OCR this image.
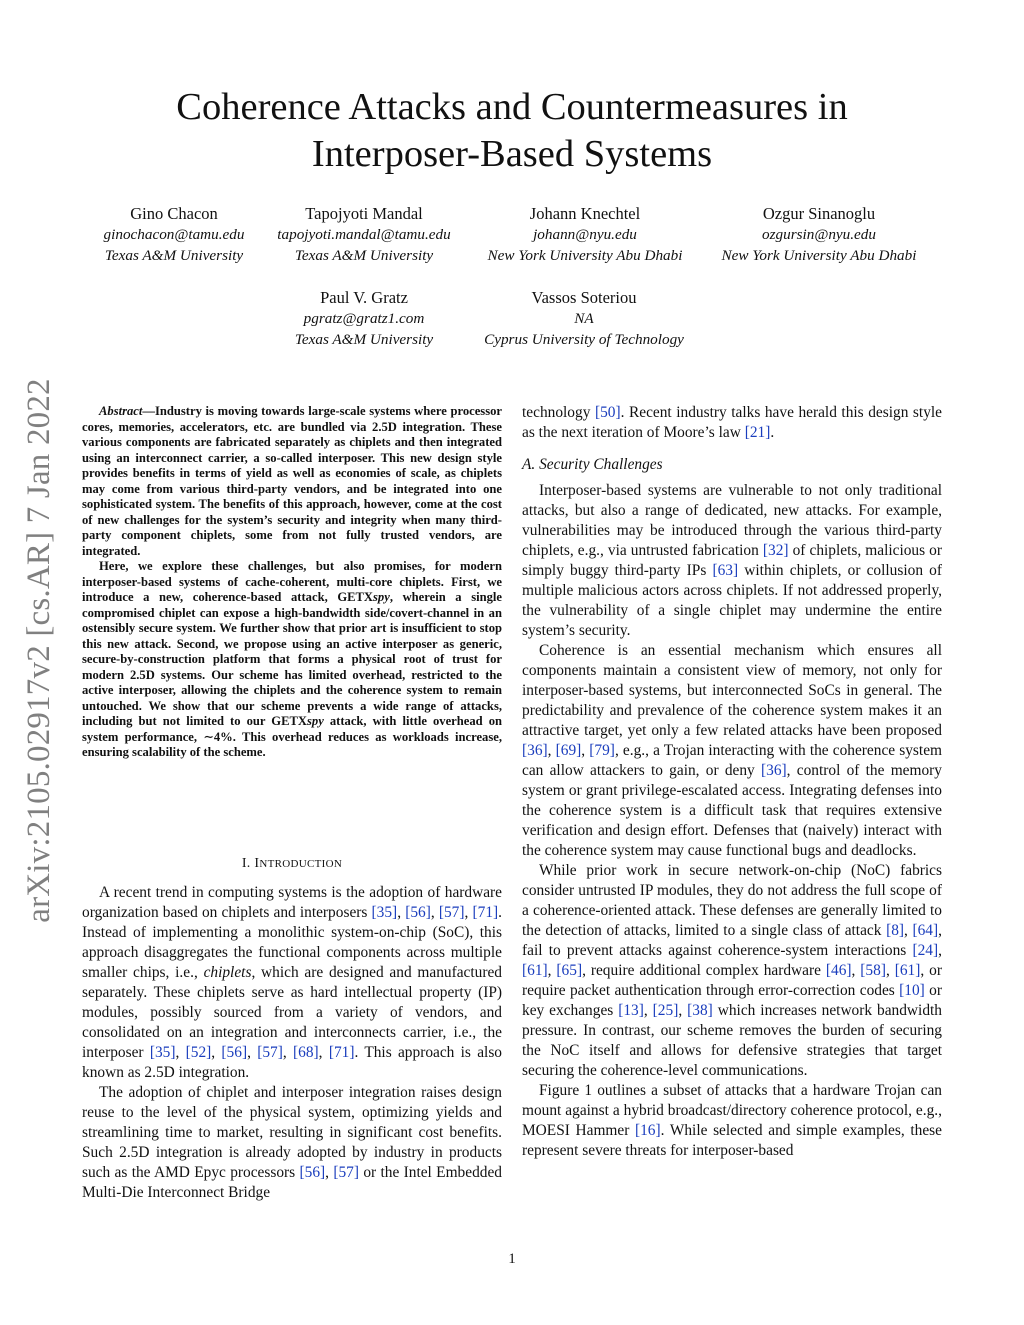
arXiv:2105.02917v2 [cs.AR] 7 Jan 2022
Coherence Attacks and Countermeasures in
Interposer-Based Systems
Gino Chacon
ginochacon@tamu.edu
Texas A&M University
Tapojyoti Mandal
tapojyoti.mandal@tamu.edu
Texas A&M University
Johann Knechtel
johann@nyu.edu
New York University Abu Dhabi
Ozgur Sinanoglu
ozgursin@nyu.edu
New York University Abu Dhabi
Paul V. Gratz
pgratz@gratz1.com
Texas A&M University
Vassos Soteriou
NA
Cyprus University of Technology

Abstract—Industry is moving towards large-scale systems where processor cores, memories, accelerators, etc. are bundled via 2.5D integration. These various components are fabricated separately as chiplets and then integrated using an interconnect carrier, a so-called interposer. This new design style provides benefits in terms of yield as well as economies of scale, as chiplets may come from various third-party vendors, and be integrated into one sophisticated system. The benefits of this approach, however, come at the cost of new challenges for the system’s security and integrity when many third-party component chiplets, some from not fully trusted vendors, are integrated.

Here, we explore these challenges, but also promises, for modern interposer-based systems of cache-coherent, multi-core chiplets. First, we introduce a new, coherence-based attack, GETXspy, wherein a single compromised chiplet can expose a high-bandwidth side/covert-channel in an ostensibly secure system. We further show that prior art is insufficient to stop this new attack. Second, we propose using an active interposer as generic, secure-by-construction platform that forms a physical root of trust for modern 2.5D systems. Our scheme has limited overhead, restricted to the active interposer, allowing the chiplets and the coherence system to remain untouched. We show that our scheme prevents a wide range of attacks, including but not limited to our GETXspy attack, with little overhead on system performance, ∼4%. This overhead reduces as workloads increase, ensuring scalability of the scheme.

I. INTRODUCTION

A recent trend in computing systems is the adoption of hardware organization based on chiplets and interposers [35], [56], [57], [71]. Instead of implementing a monolithic system-on-chip (SoC), this approach disaggregates the functional components across multiple smaller chips, i.e., chiplets, which are designed and manufactured separately. These chiplets serve as hard intellectual property (IP) modules, possibly sourced from a variety of vendors, and consolidated on an integration and interconnects carrier, i.e., the interposer [35], [52], [56], [57], [68], [71]. This approach is also known as 2.5D integration.

The adoption of chiplet and interposer integration raises design reuse to the level of the physical system, optimizing yields and streamlining time to market, resulting in significant cost benefits. Such 2.5D integration is already adopted by industry in products such as the AMD Epyc processors [56], [57] or the Intel Embedded Multi-Die Interconnect Bridge

technology [50]. Recent industry talks have herald this design style as the next iteration of Moore’s law [21].

A. Security Challenges

Interposer-based systems are vulnerable to not only traditional attacks, but also a range of dedicated, new attacks. For example, vulnerabilities may be introduced through the various third-party chiplets, e.g., via untrusted fabrication [32] of chiplets, malicious or simply buggy third-party IPs [63] within chiplets, or collusion of multiple malicious actors across chiplets. If not addressed properly, the vulnerability of a single chiplet may undermine the entire system’s security.

Coherence is an essential mechanism which ensures all components maintain a consistent view of memory, not only for interposer-based systems, but interconnected SoCs in general. The predictability and prevalence of the coherence system makes it an attractive target, yet only a few related attacks have been proposed [36], [69], [79], e.g., a Trojan interacting with the coherence system can allow attackers to gain, or deny [36], control of the memory system or grant privilege-escalated access. Integrating defenses into the coherence system is a difficult task that requires extensive verification and design effort. Defenses that (naively) interact with the coherence system may cause functional bugs and deadlocks.

While prior work in secure network-on-chip (NoC) fabrics consider untrusted IP modules, they do not address the full scope of a coherence-oriented attack. These defenses are generally limited to the detection of attacks, limited to a single class of attack [8], [64], fail to prevent attacks against coherence-system interactions [24], [61], [65], require additional complex hardware [46], [58], [61], or require packet authentication through error-correction codes [10] or key exchanges [13], [25], [38] which increases network bandwidth pressure. In contrast, our scheme removes the burden of securing the NoC itself and allows for defensive strategies that target securing the coherence-level communications.

Figure 1 outlines a subset of attacks that a hardware Trojan can mount against a hybrid broadcast/directory coherence protocol, e.g., MOESI Hammer [16]. While selected and simple examples, these represent severe threats for interposer-based

1
